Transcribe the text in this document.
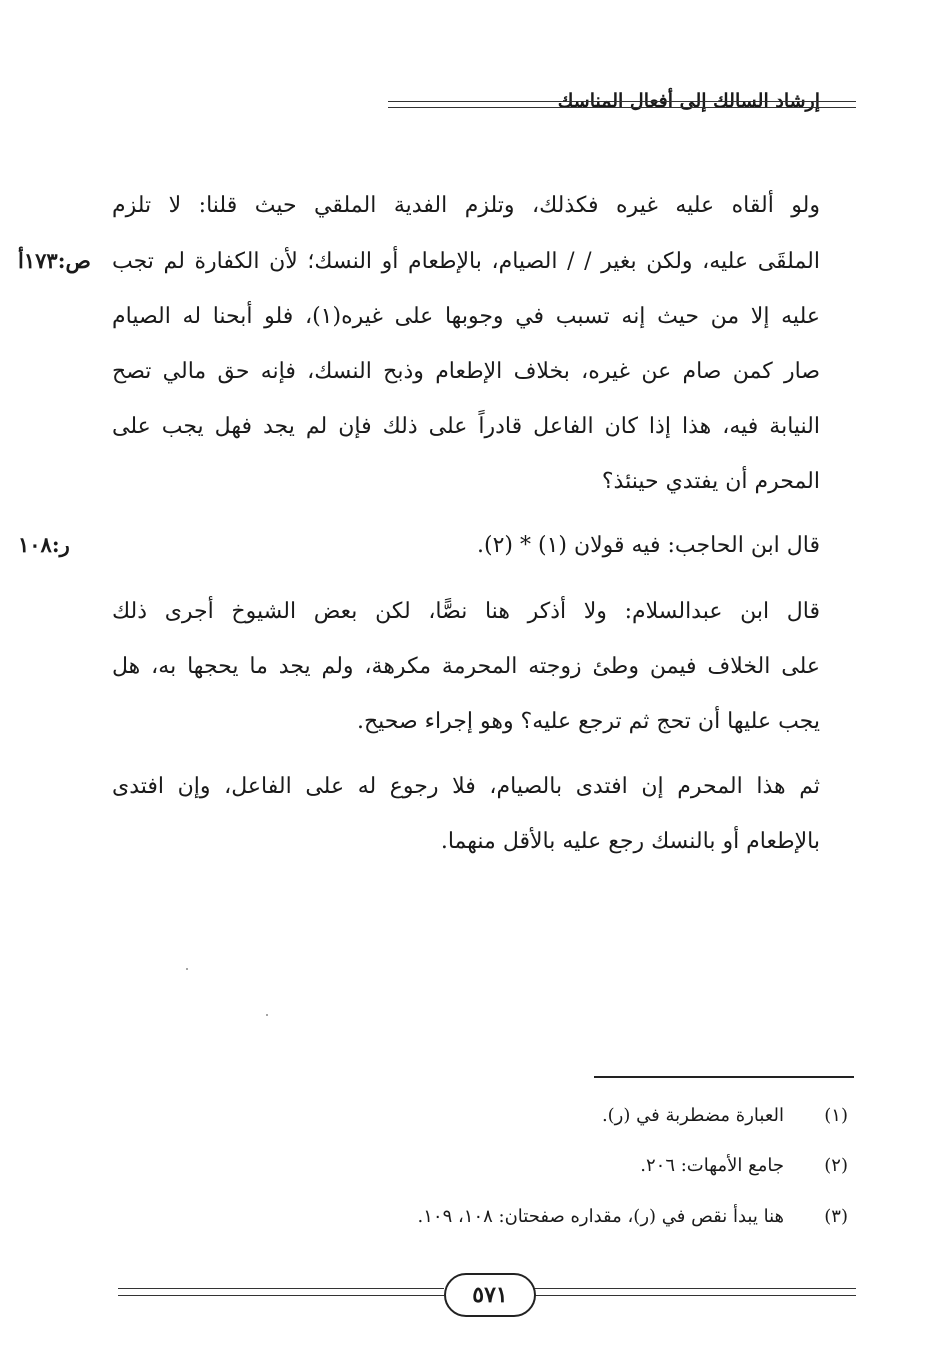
إرشاد السالك إلى أفعال المناسك
ولو ألقاه عليه غيره فكذلك، وتلزم الفدية الملقي حيث قلنا: لا تلزم
الملقَى عليه، ولكن بغير / / الصيام، بالإطعام أو النسك؛ لأن الكفارة لم تجب
عليه إلا من حيث إنه تسبب في وجوبها على غيره(١)، فلو أبحنا له الصيام
صار كمن صام عن غيره، بخلاف الإطعام وذبح النسك، فإنه حق مالي تصح
النيابة فيه، هذا إذا كان الفاعل قادراً على ذلك فإن لم يجد فهل يجب على
المحرم أن يفتدي حينئذ؟
ص:١٧٣أ
قال ابن الحاجب: فيه قولان (١) * (٢).
ر:١٠٨
قال ابن عبدالسلام: ولا أذكر هنا نصًّا، لكن بعض الشيوخ أجرى ذلك
على الخلاف فيمن وطئ زوجته المحرمة مكرهة، ولم يجد ما يحجها به، هل
يجب عليها أن تحج ثم ترجع عليه؟ وهو إجراء صحيح.
ثم هذا المحرم إن افتدى بالصيام، فلا رجوع له على الفاعل، وإن افتدى
بالإطعام أو بالنسك رجع عليه بالأقل منهما.
(١)العبارة مضطربة في (ر).
(٢)جامع الأمهات: ٢٠٦.
(٣)هنا يبدأ نقص في (ر)، مقداره صفحتان: ١٠٨، ١٠٩.
٥٧١
